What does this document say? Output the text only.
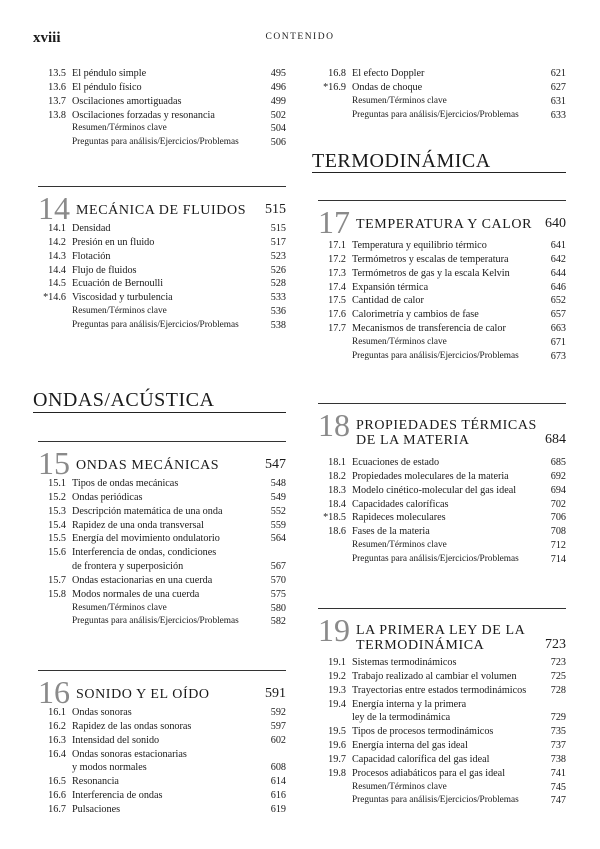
xviii	CONTENIDO
13.5 El péndulo simple	495
13.6 El péndulo físico	496
13.7 Oscilaciones amortiguadas	499
13.8 Oscilaciones forzadas y resonancia	502
Resumen/Términos clave	504
Preguntas para análisis/Ejercicios/Problemas	506
14 MECÁNICA DE FLUIDOS 515
14.1 Densidad	515
14.2 Presión en un fluido	517
14.3 Flotación	523
14.4 Flujo de fluidos	526
14.5 Ecuación de Bernoulli	528
*14.6 Viscosidad y turbulencia	533
Resumen/Términos clave	536
Preguntas para análisis/Ejercicios/Problemas	538
ONDAS/ACÚSTICA
15 ONDAS MECÁNICAS	547
15.1 Tipos de ondas mecánicas	548
15.2 Ondas periódicas	549
15.3 Descripción matemática de una onda	552
15.4 Rapidez de una onda transversal	559
15.5 Energía del movimiento ondulatorio	564
15.6 Interferencia de ondas, condiciones
de frontera y superposición	567
15.7 Ondas estacionarias en una cuerda	570
15.8 Modos normales de una cuerda	575
Resumen/Términos clave	580
Preguntas para análisis/Ejercicios/Problemas	582
16 SONIDO Y EL OÍDO	591
16.1 Ondas sonoras	592
16.2 Rapidez de las ondas sonoras	597
16.3 Intensidad del sonido	602
16.4 Ondas sonoras estacionarias
y modos normales	608
16.5 Resonancia	614
16.6 Interferencia de ondas	616
16.7 Pulsaciones	619
16.8 El efecto Doppler	621
*16.9 Ondas de choque	627
Resumen/Términos clave	631
Preguntas para análisis/Ejercicios/Problemas	633
TERMODINÁMICA
17 TEMPERATURA Y CALOR 640
17.1 Temperatura y equilibrio térmico	641
17.2 Termómetros y escalas de temperatura	642
17.3 Termómetros de gas y la escala Kelvin	644
17.4 Expansión térmica	646
17.5 Cantidad de calor	652
17.6 Calorimetría y cambios de fase	657
17.7 Mecanismos de transferencia de calor	663
Resumen/Términos clave	671
Preguntas para análisis/Ejercicios/Problemas	673
18 PROPIEDADES TÉRMICAS
DE LA MATERIA	684
18.1 Ecuaciones de estado	685
18.2 Propiedades moleculares de la materia	692
18.3 Modelo cinético-molecular del gas ideal	694
18.4 Capacidades caloríficas	702
*18.5 Rapideces moleculares	706
18.6 Fases de la materia	708
Resumen/Términos clave	712
Preguntas para análisis/Ejercicios/Problemas	714
19 LA PRIMERA LEY DE LA
TERMODINÁMICA	723
19.1 Sistemas termodinámicos	723
19.2 Trabajo realizado al cambiar el volumen	725
19.3 Trayectorias entre estados termodinámicos 728
19.4 Energía interna y la primera
ley de la termodinámica	729
19.5 Tipos de procesos termodinámicos	735
19.6 Energía interna del gas ideal	737
19.7 Capacidad calorífica del gas ideal	738
19.8 Procesos adiabáticos para el gas ideal	741
Resumen/Términos clave	745
Preguntas para análisis/Ejercicios/Problemas	747
